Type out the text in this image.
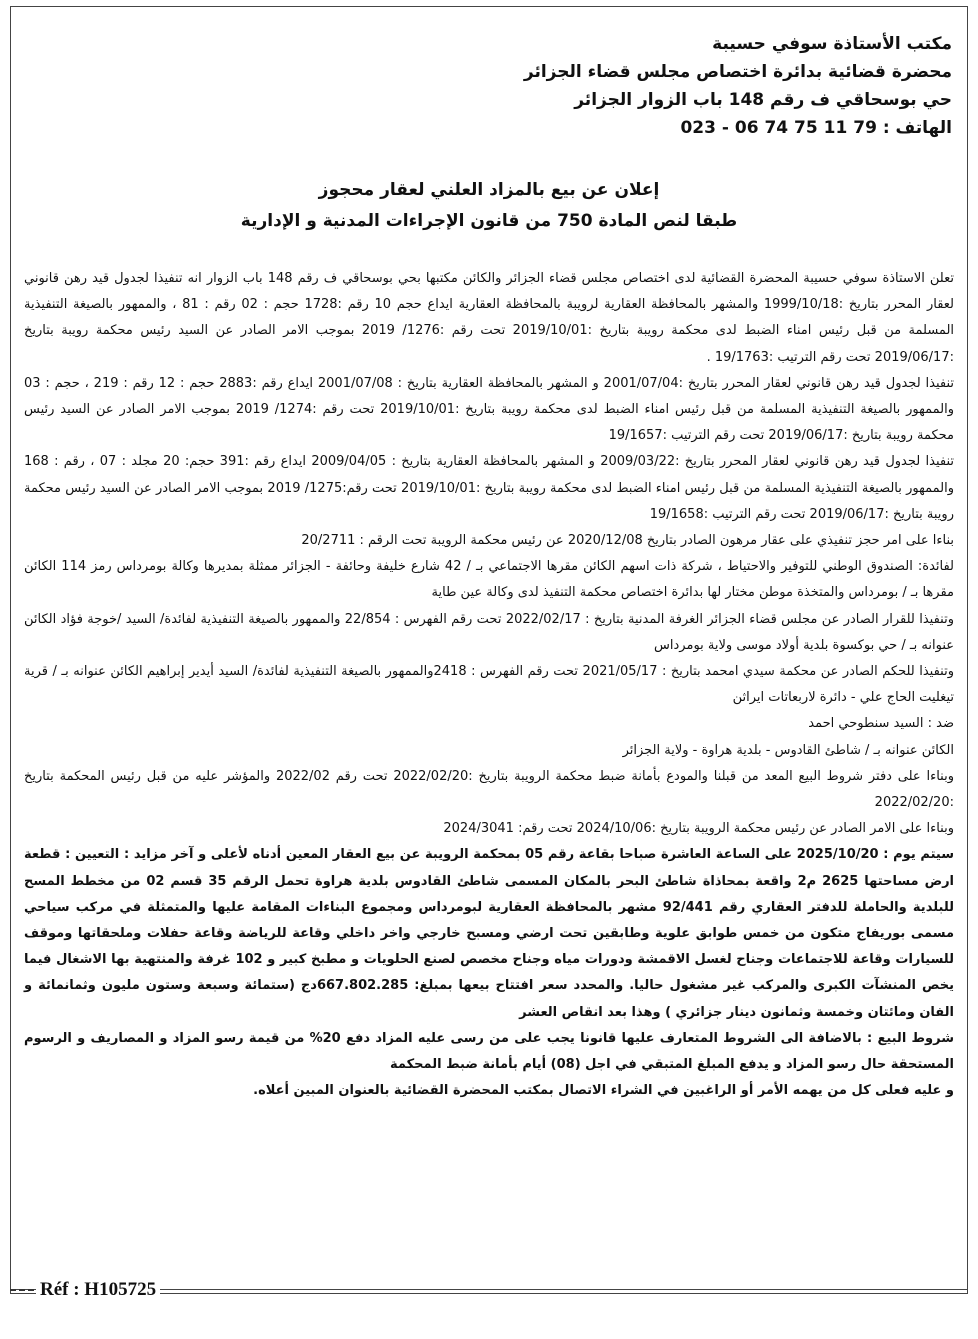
مكتب الأستاذة سوفي حسيبة
محضرة قضائية بدائرة اختصاص مجلس قضاء الجزائر
حي بوسحاقي ف رقم 148 باب الزوار الجزائر
الهاتف : 79 11 75 74 06 - 023
إعلان عن بيع بالمزاد العلني لعقار محجوز
طبقا لنص المادة 750 من قانون الإجراءات المدنية و الإدارية

تعلن الاستاذة سوفي حسيبة المحضرة القضائية لدى اختصاص مجلس قضاء الجزائر والكائن مكتبها بحي بوسحاقي ف رقم 148 باب الزوار انه تنفيذا لجدول قيد رهن قانوني لعقار المحرر بتاريخ :1999/10/18 والمشهر بالمحافظة العقارية لرويبة بالمحافظة العقارية ايداع حجم 10 رقم :1728 حجم : 02 رقم : 81 ، والممهور بالصيغة التنفيذية المسلمة من قبل رئيس امناء الضبط لدى محكمة رويبة بتاريخ :2019/10/01 تحت رقم :1276/ 2019 بموجب الامر الصادر عن السيد رئيس محكمة رويبة بتاريخ :2019/06/17 تحت رقم الترتيب :19/1763 .

تنفيذا لجدول قيد رهن قانوني لعقار المحرر بتاريخ :2001/07/04 و المشهر بالمحافظة العقارية بتاريخ : 2001/07/08 ايداع رقم :2883 حجم : 12 رقم : 219 ، حجم : 03 والممهور بالصيغة التنفيذية المسلمة من قبل رئيس امناء الضبط لدى محكمة رويبة بتاريخ :2019/10/01 تحت رقم :1274/ 2019 بموجب الامر الصادر عن السيد رئيس محكمة رويبة بتاريخ :2019/06/17 تحت رقم الترتيب :19/1657

تنفيذا لجدول قيد رهن قانوني لعقار المحرر بتاريخ :2009/03/22 و المشهر بالمحافظة العقارية بتاريخ : 2009/04/05 ايداع رقم :391 حجم: 20 مجلد : 07 ، رقم : 168 والممهور بالصيغة التنفيذية المسلمة من قبل رئيس امناء الضبط لدى محكمة رويبة بتاريخ :2019/10/01 تحت رقم:1275/ 2019 بموجب الامر الصادر عن السيد رئيس محكمة رويبة بتاريخ :2019/06/17 تحت رقم الترتيب :19/1658

بناءا على امر حجز تنفيذي على عقار مرهون الصادر بتاريخ 2020/12/08 عن رئيس محكمة الرويبة تحت الرقم : 20/2711

لفائدة: الصندوق الوطني للتوفير والاحتياط ، شركة ذات اسهم الكائن مقرها الاجتماعي بـ / 42 شارع خليفة وحائفة - الجزائر ممثلة بمديرها وكالة بومرداس رمز 114 الكائن مقرها بـ / بومرداس والمتخذة موطن مختار لها بدائرة اختصاص محكمة التنفيذ لدى وكالة عين طاية

وتنفيذا للقرار الصادر عن مجلس قضاء الجزائر الغرفة المدنية بتاريخ : 2022/02/17 تحت رقم الفهرس : 22/854 والممهور بالصيغة التنفيذية لفائدة/ السيد /خوجة فؤاد الكائن عنوانه بـ / حي بوكسوة بلدية أولاد موسى ولاية بومرداس

وتنفيذا للحكم الصادر عن محكمة سيدي امحمد بتاريخ : 2021/05/17 تحت رقم الفهرس : 2418والممهور بالصيغة التنفيذية لفائدة/ السيد أيدير إبراهيم الكائن عنوانه بـ / قرية تيغليت الحاج علي - دائرة لاربعاتات ايراثن

ضد : السيد سنطوحي احمد

الكائن عنوانه بـ / شاطئ القادوس - بلدية هراوة - ولاية الجزائر

وبناءا على دفتر شروط البيع المعد من قبلنا والمودع بأمانة ضبط محكمة الرويبة بتاريخ :2022/02/20 تحت رقم 2022/02 والمؤشر عليه من قبل رئيس المحكمة بتاريخ :2022/02/20

وبناءا على الامر الصادر عن رئيس محكمة الرويبة بتاريخ :2024/10/06 تحت رقم: 2024/3041

سيتم يوم : 2025/10/20 على الساعة العاشرة صباحا بقاعة رقم 05 بمحكمة الرويبة عن بيع العقار المعين أدناه لأعلى و آخر مزايد : التعيين : قطعة ارض مساحتها 2625 م2 واقعة بمحاذاة شاطئ البحر بالمكان المسمى شاطئ القادوس بلدية هراوة تحمل الرقم 35 قسم 02 من مخطط المسح للبلدية والحاملة للدفتر العقاري رقم 92/441 مشهر بالمحافظة العقارية لبومرداس ومجموع البناءات المقامة عليها والمتمثلة في مركب سياحي مسمى بوريفاج متكون من خمس طوابق علوية وطابقين تحت ارضي ومسبح خارجي واخر داخلي وقاعة للرياضة وقاعة حفلات وملحقاتها وموقف للسيارات وقاعة للاجتماعات وجناح لغسل الاقمشة ودورات مياه وجناح مخصص لصنع الحلويات و مطبخ كبير و 102 غرفة والمنتهية بها الاشغال فيما يخص المنشآت الكبرى والمركب غير مشغول حاليا. والمحدد سعر افتتاح بيعها بمبلغ: 667.802.285دج (ستمائة وسبعة وستون مليون وثمانمائة و الفان ومائتان وخمسة وثمانون دينار جزائري ) وهذا بعد انقاص العشر

شروط البيع : بالاضافة الى الشروط المتعارف عليها قانونا يجب على من رسى عليه المزاد دفع 20% من قيمة رسو المزاد و المصاريف و الرسوم المستحقة حال رسو المزاد و يدفع المبلغ المتبقي في اجل (08) أيام بأمانة ضبط المحكمة

و عليه فعلى كل من يهمه الأمر أو الراغبين في الشراء الاتصال بمكتب المحضرة القضائية بالعنوان المبين أعلاه.

Réf : H105725
